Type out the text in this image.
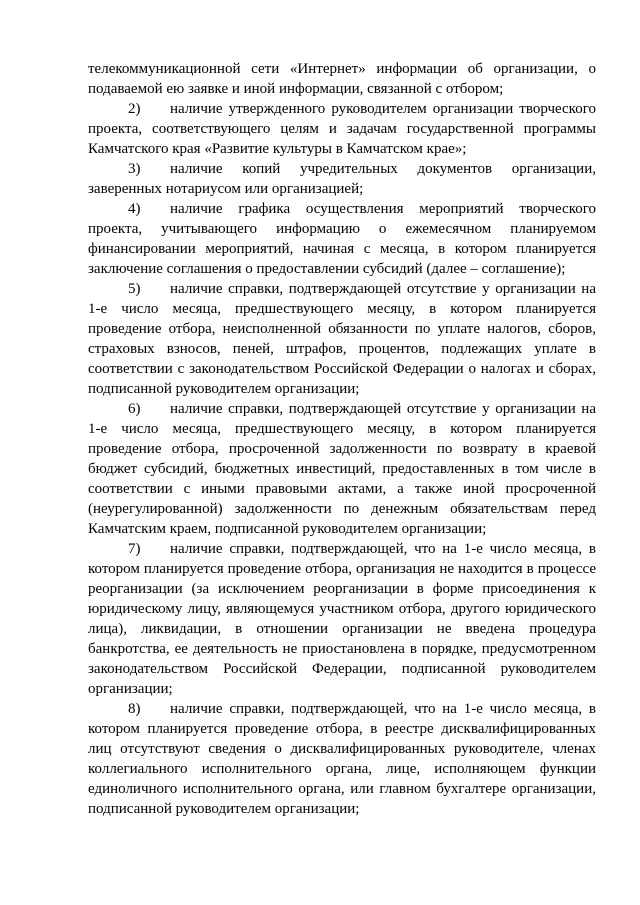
телекоммуникационной сети «Интернет» информации об организации, о подаваемой ею заявке и иной информации, связанной с отбором;

2) наличие утвержденного руководителем организации творческого проекта, соответствующего целям и задачам государственной программы Камчатского края «Развитие культуры в Камчатском крае»;

3) наличие копий учредительных документов организации, заверенных нотариусом или организацией;

4) наличие графика осуществления мероприятий творческого проекта, учитывающего информацию о ежемесячном планируемом финансировании мероприятий, начиная с месяца, в котором планируется заключение соглашения о предоставлении субсидий (далее – соглашение);

5) наличие справки, подтверждающей отсутствие у организации на 1-е число месяца, предшествующего месяцу, в котором планируется проведение отбора, неисполненной обязанности по уплате налогов, сборов, страховых взносов, пеней, штрафов, процентов, подлежащих уплате в соответствии с законодательством Российской Федерации о налогах и сборах, подписанной руководителем организации;

6) наличие справки, подтверждающей отсутствие у организации на 1-е число месяца, предшествующего месяцу, в котором планируется проведение отбора, просроченной задолженности по возврату в краевой бюджет субсидий, бюджетных инвестиций, предоставленных в том числе в соответствии с иными правовыми актами, а также иной просроченной (неурегулированной) задолженности по денежным обязательствам перед Камчатским краем, подписанной руководителем организации;

7) наличие справки, подтверждающей, что на 1-е число месяца, в котором планируется проведение отбора, организация не находится в процессе реорганизации (за исключением реорганизации в форме присоединения к юридическому лицу, являющемуся участником отбора, другого юридического лица), ликвидации, в отношении организации не введена процедура банкротства, ее деятельность не приостановлена в порядке, предусмотренном законодательством Российской Федерации, подписанной руководителем организации;

8) наличие справки, подтверждающей, что на 1-е число месяца, в котором планируется проведение отбора, в реестре дисквалифицированных лиц отсутствуют сведения о дисквалифицированных руководителе, членах коллегиального исполнительного органа, лице, исполняющем функции единоличного исполнительного органа, или главном бухгалтере организации, подписанной руководителем организации;
